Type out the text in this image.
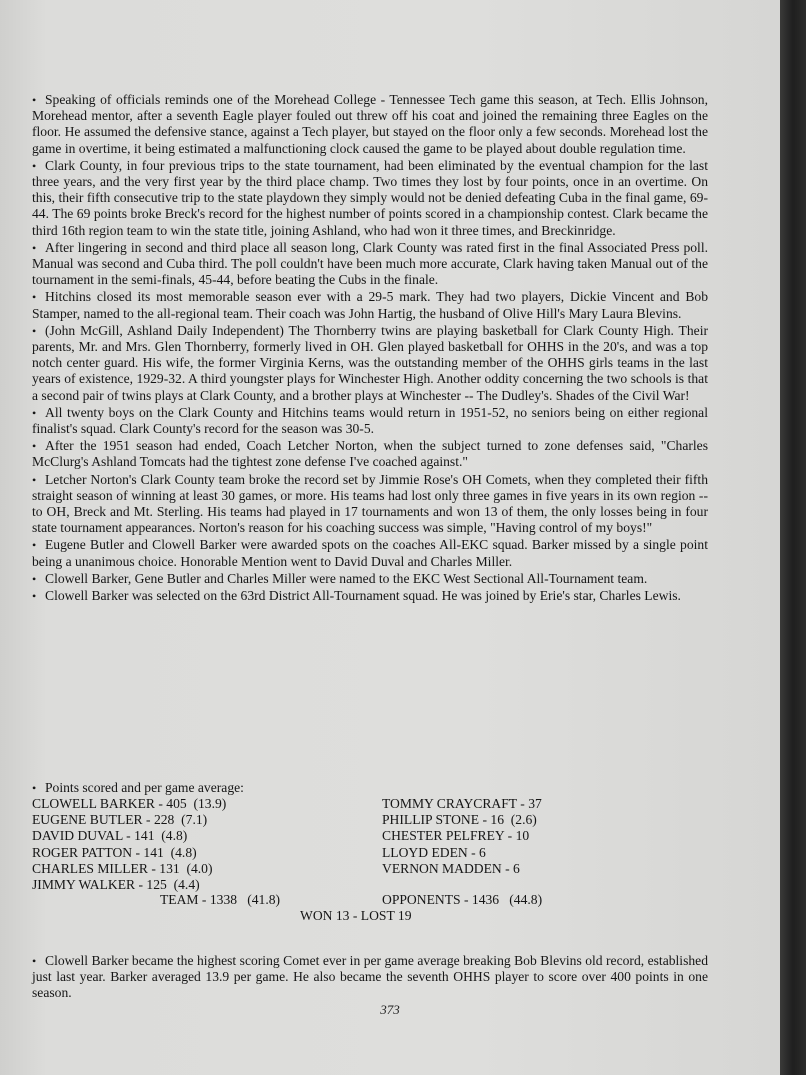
• Speaking of officials reminds one of the Morehead College - Tennessee Tech game this season, at Tech. Ellis Johnson, Morehead mentor, after a seventh Eagle player fouled out threw off his coat and joined the remaining three Eagles on the floor. He assumed the defensive stance, against a Tech player, but stayed on the floor only a few seconds. Morehead lost the game in overtime, it being estimated a malfunctioning clock caused the game to be played about double regulation time.

• Clark County, in four previous trips to the state tournament, had been eliminated by the eventual champion for the last three years, and the very first year by the third place champ. Two times they lost by four points, once in an overtime. On this, their fifth consecutive trip to the state playdown they simply would not be denied defeating Cuba in the final game, 69-44. The 69 points broke Breck's record for the highest number of points scored in a championship contest. Clark became the third 16th region team to win the state title, joining Ashland, who had won it three times, and Breckinridge.

• After lingering in second and third place all season long, Clark County was rated first in the final Associated Press poll. Manual was second and Cuba third. The poll couldn't have been much more accurate, Clark having taken Manual out of the tournament in the semi-finals, 45-44, before beating the Cubs in the finale.

• Hitchins closed its most memorable season ever with a 29-5 mark. They had two players, Dickie Vincent and Bob Stamper, named to the all-regional team. Their coach was John Hartig, the husband of Olive Hill's Mary Laura Blevins.

• (John McGill, Ashland Daily Independent) The Thornberry twins are playing basketball for Clark County High. Their parents, Mr. and Mrs. Glen Thornberry, formerly lived in OH. Glen played basketball for OHHS in the 20's, and was a top notch center guard. His wife, the former Virginia Kerns, was the outstanding member of the OHHS girls teams in the last years of existence, 1929-32. A third youngster plays for Winchester High. Another oddity concerning the two schools is that a second pair of twins plays at Clark County, and a brother plays at Winchester -- The Dudley's. Shades of the Civil War!

• All twenty boys on the Clark County and Hitchins teams would return in 1951-52, no seniors being on either regional finalist's squad. Clark County's record for the season was 30-5.

• After the 1951 season had ended, Coach Letcher Norton, when the subject turned to zone defenses said, "Charles McClurg's Ashland Tomcats had the tightest zone defense I've coached against."

• Letcher Norton's Clark County team broke the record set by Jimmie Rose's OH Comets, when they completed their fifth straight season of winning at least 30 games, or more. His teams had lost only three games in five years in its own region -- to OH, Breck and Mt. Sterling. His teams had played in 17 tournaments and won 13 of them, the only losses being in four state tournament appearances. Norton's reason for his coaching success was simple, "Having control of my boys!"

• Eugene Butler and Clowell Barker were awarded spots on the coaches All-EKC squad. Barker missed by a single point being a unanimous choice. Honorable Mention went to David Duval and Charles Miller.

• Clowell Barker, Gene Butler and Charles Miller were named to the EKC West Sectional All-Tournament team.

• Clowell Barker was selected on the 63rd District All-Tournament squad. He was joined by Erie's star, Charles Lewis.

• Points scored and per game average:

CLOWELL BARKER - 405 (13.9)
EUGENE BUTLER - 228 (7.1)
DAVID DUVAL - 141 (4.8)
ROGER PATTON - 141 (4.8)
CHARLES MILLER - 131 (4.0)
JIMMY WALKER - 125 (4.4)
TOMMY CRAYCRAFT - 37
PHILLIP STONE - 16 (2.6)
CHESTER PELFREY - 10
LLOYD EDEN - 6
VERNON MADDEN - 6
TEAM - 1338 (41.8)	OPPONENTS - 1436 (44.8)
WON 13 - LOST 19

• Clowell Barker became the highest scoring Comet ever in per game average breaking Bob Blevins old record, established just last year. Barker averaged 13.9 per game. He also became the seventh OHHS player to score over 400 points in one season.

373
